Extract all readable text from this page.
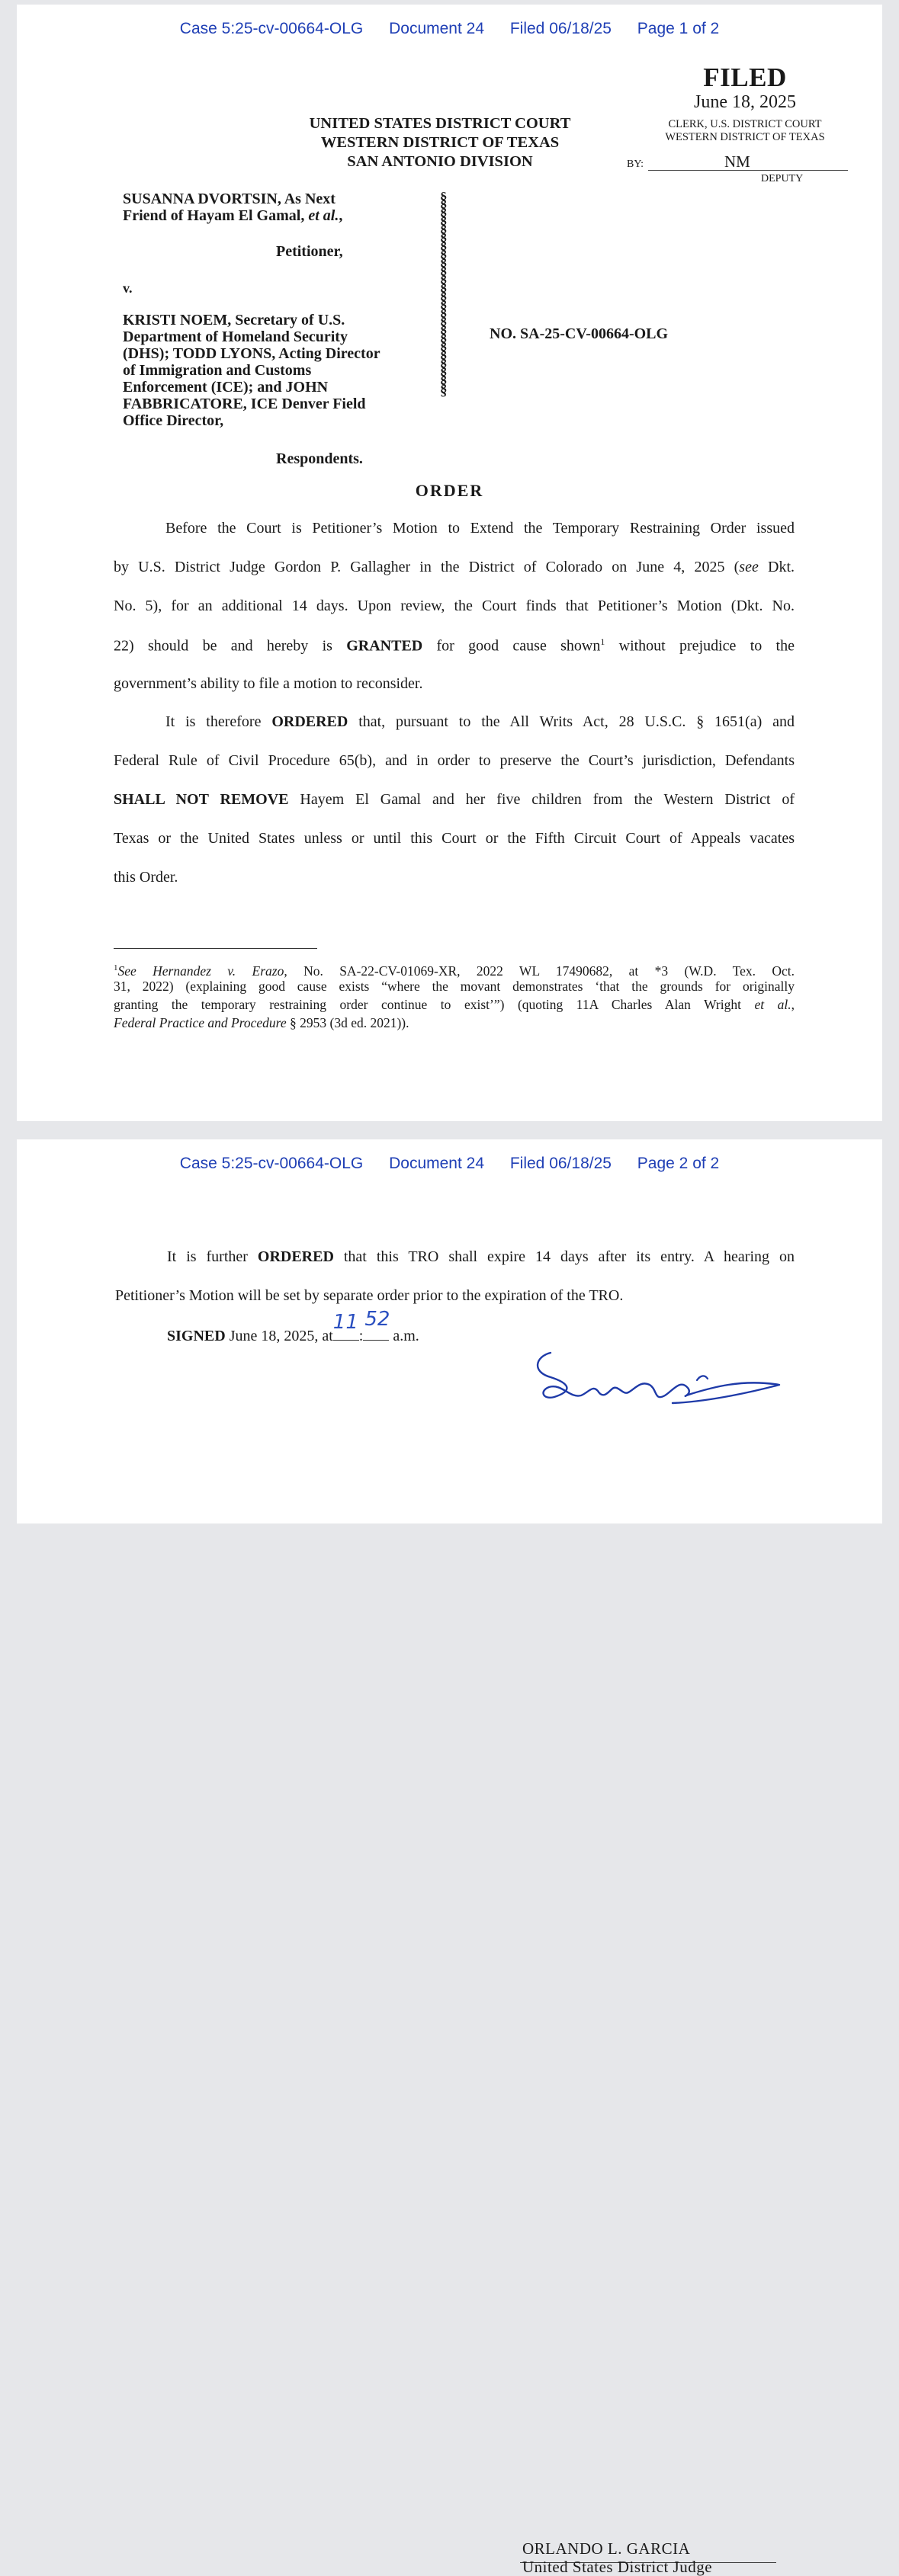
Case 5:25-cv-00664-OLG Document 24 Filed 06/18/25 Page 1 of 2
FILED
June 18, 2025
CLERK, U.S. DISTRICT COURT
WESTERN DISTRICT OF TEXAS
BY:	NM
DEPUTY
UNITED STATES DISTRICT COURT
WESTERN DISTRICT OF TEXAS
SAN ANTONIO DIVISION
SUSANNA DVORTSIN, As Next
Friend of Hayam El Gamal, et al.,
Petitioner,
v.
KRISTI NOEM, Secretary of U.S.
Department of Homeland Security
(DHS); TODD LYONS, Acting Director
of Immigration and Customs
Enforcement (ICE); and JOHN
FABBRICATORE, ICE Denver Field
Office Director,
Respondents.
§
§
§
§
§
§
§
§
§
§
§
§
§
§
§
§
§
§
§
§
§
§
§
§
NO. SA-25-CV-00664-OLG
ORDER
Before the Court is Petitioner’s Motion to Extend the Temporary Restraining Order issued
by U.S. District Judge Gordon P. Gallagher in the District of Colorado on June 4, 2025 (see Dkt.
No. 5), for an additional 14 days. Upon review, the Court finds that Petitioner’s Motion (Dkt. No.
22) should be and hereby is GRANTED for good cause shown$^1$ without prejudice to the
government’s ability to file a motion to reconsider.
It is therefore ORDERED that, pursuant to the All Writs Act, 28 U.S.C. § 1651(a) and
Federal Rule of Civil Procedure 65(b), and in order to preserve the Court’s jurisdiction, Defendants
SHALL NOT REMOVE Hayem El Gamal and her five children from the Western District of
Texas or the United States unless or until this Court or the Fifth Circuit Court of Appeals vacates
this Order.
$^1$See Hernandez v. Erazo, No. SA-22-CV-01069-XR, 2022 WL 17490682, at *3 (W.D. Tex. Oct.
31, 2022) (explaining good cause exists “where the movant demonstrates ‘that the grounds for originally
granting the temporary restraining order continue to exist’”) (quoting 11A Charles Alan Wright et al.,
Federal Practice and Procedure § 2953 (3d ed. 2021)).
Case 5:25-cv-00664-OLG Document 24 Filed 06/18/25 Page 2 of 2
It is further ORDERED that this TRO shall expire 14 days after its entry. A hearing on
Petitioner’s Motion will be set by separate order prior to the expiration of the TRO.
SIGNED June 18, 2025, at
11
:
52
a.m.
ORLANDO L. GARCIA
United States District Judge
